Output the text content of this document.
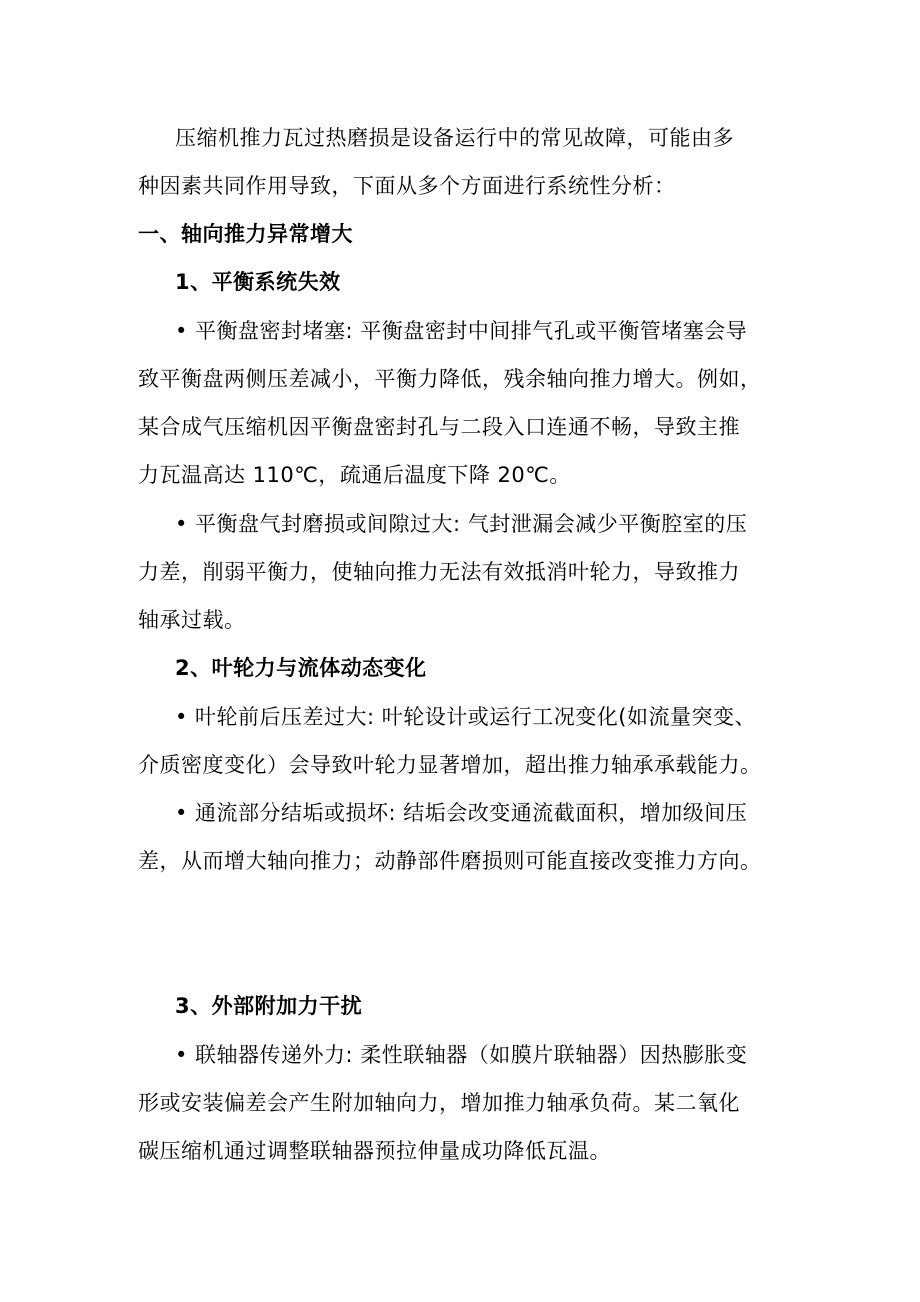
压缩机推力瓦过热磨损是设备运行中的常见故障，可能由多
种因素共同作用导致，下面从多个方面进行系统性分析：
一、轴向推力异常增大
1、平衡系统失效
• 平衡盘密封堵塞: 平衡盘密封中间排气孔或平衡管堵塞会导
致平衡盘两侧压差减小，平衡力降低，残余轴向推力增大。例如，
某合成气压缩机因平衡盘密封孔与二段入口连通不畅，导致主推
力瓦温高达 110℃，疏通后温度下降 20℃。
• 平衡盘气封磨损或间隙过大: 气封泄漏会减少平衡腔室的压
力差，削弱平衡力，使轴向推力无法有效抵消叶轮力，导致推力
轴承过载。
2、叶轮力与流体动态变化
• 叶轮前后压差过大: 叶轮设计或运行工况变化(如流量突变、
介质密度变化）会导致叶轮力显著增加，超出推力轴承承载能力。
• 通流部分结垢或损坏: 结垢会改变通流截面积，增加级间压
差，从而增大轴向推力；动静部件磨损则可能直接改变推力方向。
3、外部附加力干扰
• 联轴器传递外力: 柔性联轴器（如膜片联轴器）因热膨胀变
形或安装偏差会产生附加轴向力，增加推力轴承负荷。某二氧化
碳压缩机通过调整联轴器预拉伸量成功降低瓦温。
